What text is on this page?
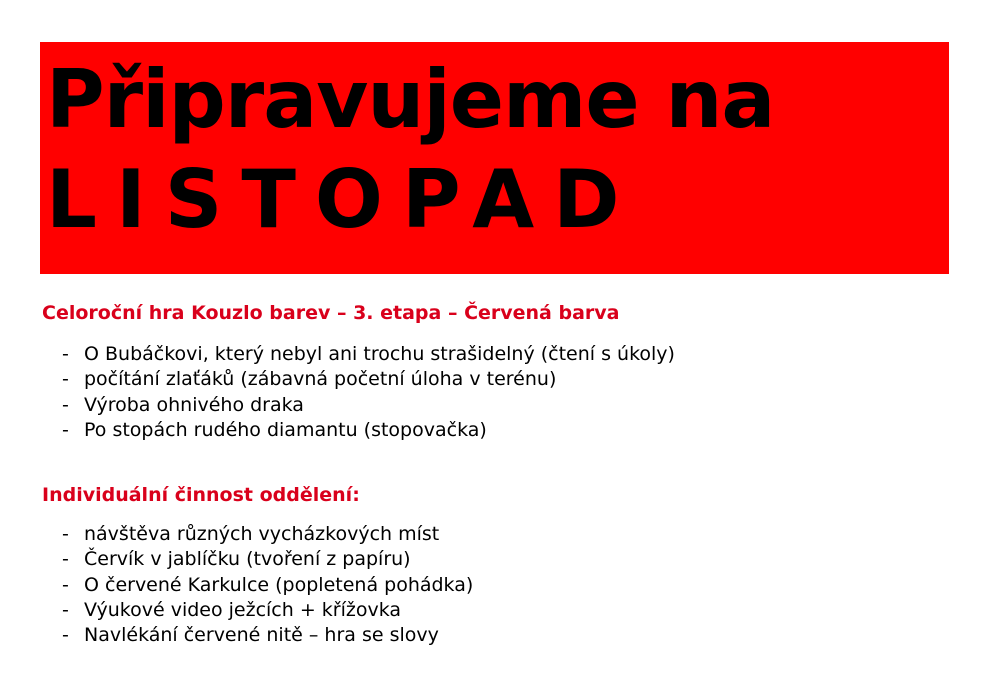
Připravujeme na
LISTOPAD
Celoroční hra Kouzlo barev – 3. etapa – Červená barva
- O Bubáčkovi, který nebyl ani trochu strašidelný (čtení s úkoly)
- počítání zlaťáků (zábavná početní úloha v terénu)
- Výroba ohnivého draka
- Po stopách rudého diamantu (stopovačka)
Individuální činnost oddělení:
- návštěva různých vycházkových míst
- Červík v jablíčku (tvoření z papíru)
- O červené Karkulce (popletená pohádka)
- Výukové video ježcích + křížovka
- Navlékání červené nitě – hra se slovy
